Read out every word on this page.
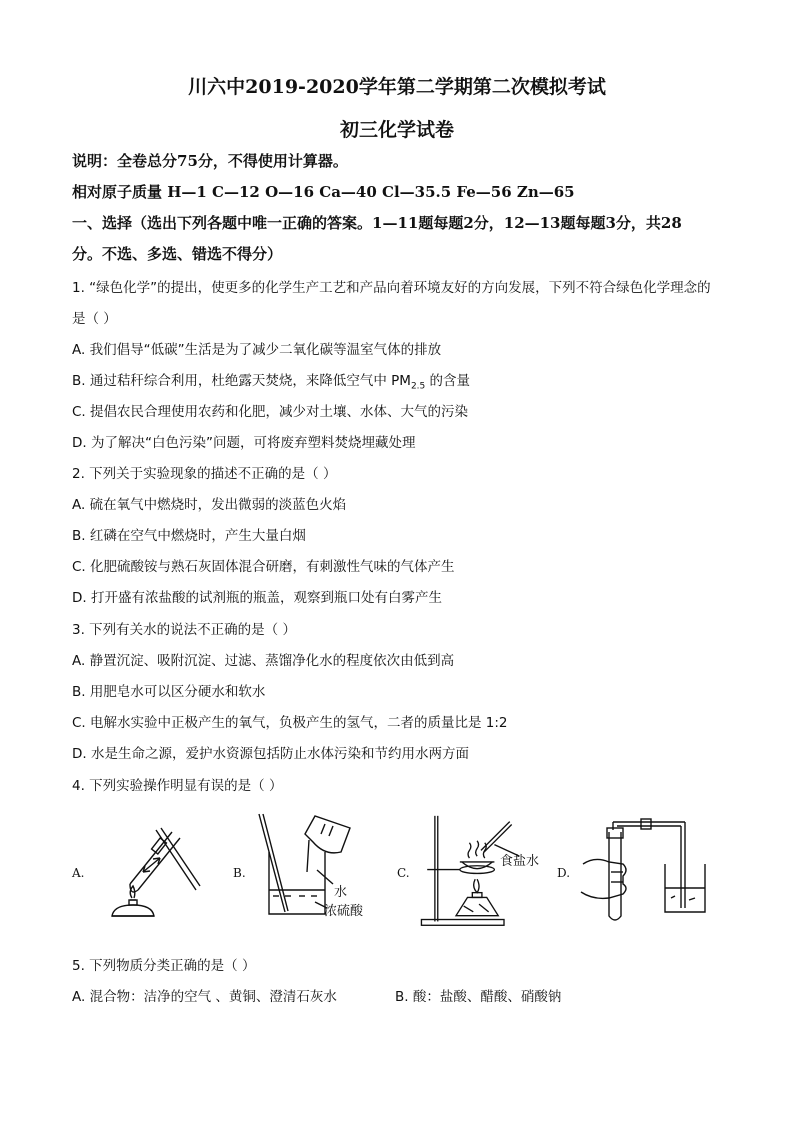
川六中2019-2020学年第二学期第二次模拟考试
初三化学试卷
说明：全卷总分75分，不得使用计算器。
相对原子质量 H—1 C—12 O—16 Ca—40 Cl—35.5 Fe—56 Zn—65
一、选择（选出下列各题中唯一正确的答案。1—11题每题2分，12—13题每题3分，共28
分。不选、多选、错选不得分）
1. “绿色化学”的提出，使更多的化学生产工艺和产品向着环境友好的方向发展，下列不符合绿色化学理念的
是（ ）
A. 我们倡导“低碳”生活是为了减少二氧化碳等温室气体的排放
B. 通过秸秆综合利用，杜绝露天焚烧，来降低空气中 $PM_{2.5}$ 的含量
C. 提倡农民合理使用农药和化肥，减少对土壤、水体、大气的污染
D. 为了解决“白色污染”问题，可将废弃塑料焚烧埋藏处理
2. 下列关于实验现象的描述不正确的是（ ）
A. 硫在氧气中燃烧时，发出微弱的淡蓝色火焰
B. 红磷在空气中燃烧时，产生大量白烟
C. 化肥硫酸铵与熟石灰固体混合研磨，有刺激性气味的气体产生
D. 打开盛有浓盐酸的试剂瓶的瓶盖，观察到瓶口处有白雾产生
3. 下列有关水的说法不正确的是（ ）
A. 静置沉淀、吸附沉淀、过滤、蒸馏净化水的程度依次由低到高
B. 用肥皂水可以区分硬水和软水
C. 电解水实验中正极产生的氧气，负极产生的氢气，二者的质量比是 1:2
D. 水是生命之源，爱护水资源包括防止水体污染和节约用水两方面
4. 下列实验操作明显有误的是（ ）
A.	B.	C.	D.
水
浓硫酸
食盐水
5. 下列物质分类正确的是（ ）
A. 混合物：洁净的空气 、黄铜、澄清石灰水	B. 酸：盐酸、醋酸、硝酸钠
